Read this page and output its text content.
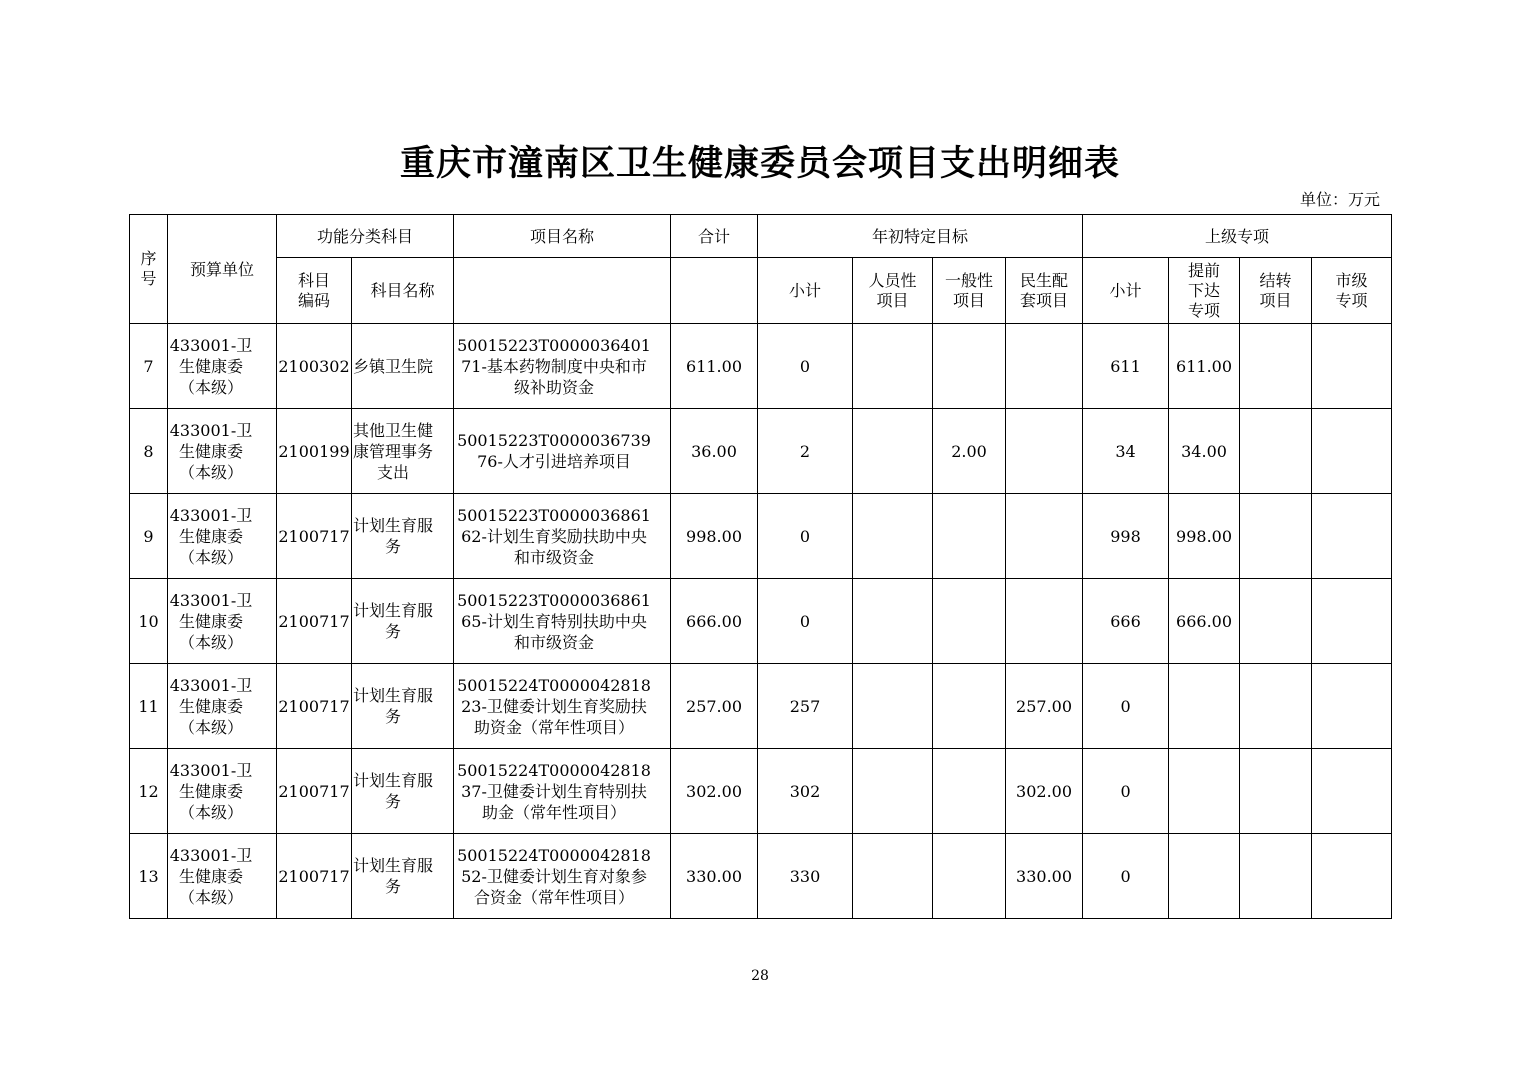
重庆市潼南区卫生健康委员会项目支出明细表
单位：万元
序号	预算单位	功能分类科目		项目名称	合计	年初特定目标				上级专项			

		科目编码	科目名称			小计	人员性项目	一般性项目	民生配套项目	小计	提前下达专项	结转项目	市级专项

7	433001-卫生健康委（本级）	2100302	乡镇卫生院	50015223T000003640171-基本药物制度中央和市级补助资金	611.00	0				611	611.00		
8	433001-卫生健康委（本级）	2100199	其他卫生健康管理事务支出	50015223T000003673976-人才引进培养项目	36.00	2		2.00		34	34.00		
9	433001-卫生健康委（本级）	2100717	计划生育服务	50015223T000003686162-计划生育奖励扶助中央和市级资金	998.00	0				998	998.00		
10	433001-卫生健康委（本级）	2100717	计划生育服务	50015223T000003686165-计划生育特别扶助中央和市级资金	666.00	0				666	666.00		
11	433001-卫生健康委（本级）	2100717	计划生育服务	50015224T000004281823-卫健委计划生育奖励扶助资金（常年性项目）	257.00	257			257.00	0			
12	433001-卫生健康委（本级）	2100717	计划生育服务	50015224T000004281837-卫健委计划生育特别扶助金（常年性项目）	302.00	302			302.00	0			
13	433001-卫生健康委（本级）	2100717	计划生育服务	50015224T000004281852-卫健委计划生育对象参合资金（常年性项目）	330.00	330			330.00	0			
28
